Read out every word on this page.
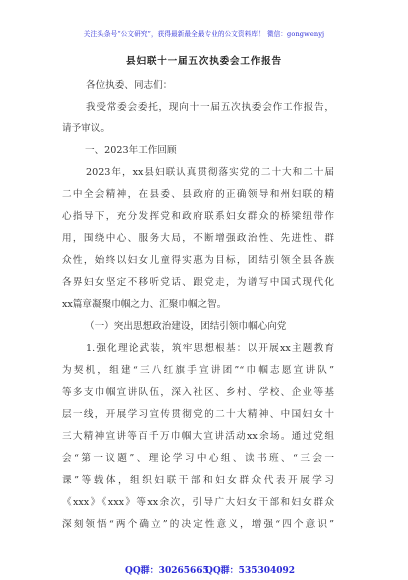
关注头条号“公文研究”，获得最新最全最专业的公文资料库！ 微信：gongwenyj
县妇联十一届五次执委会工作报告
各位执委、同志们：
我受常委会委托，现向十一届五次执委会作工作报告，
请予审议。
一、2023年工作回顾
2023年，xx县妇联认真贯彻落实党的二十大和二十届
二中全会精神，在县委、县政府的正确领导和州妇联的精
心指导下，充分发挥党和政府联系妇女群众的桥梁纽带作
用，围绕中心、服务大局，不断增强政治性、先进性、群
众性，始终以妇女儿童得实惠为目标，团结引领全县各族
各界妇女坚定不移听党话、跟党走，为谱写中国式现代化
xx篇章凝聚巾帼之力、汇聚巾帼之智。
（一）突出思想政治建设，团结引领巾帼心向党
1.强化理论武装，筑牢思想根基：以开展xx主题教育
为契机，组建“三八红旗手宣讲团”“巾帼志愿宣讲队”
等多支巾帼宣讲队伍，深入社区、乡村、学校、企业等基
层一线，开展学习宣传贯彻党的二十大精神、中国妇女十
三大精神宣讲等百千万巾帼大宣讲活动xx余场。通过党组
会“第一议题”、理论学习中心组、读书班、“三会一
课”等载体，组织妇联干部和妇女群众代表开展学习
《xxx》《xxx》等xx余次，引导广大妇女干部和妇女群众
深刻领悟“两个确立”的决定性意义，增强“四个意识”
QQ群：30265665
QQ群：535304092
